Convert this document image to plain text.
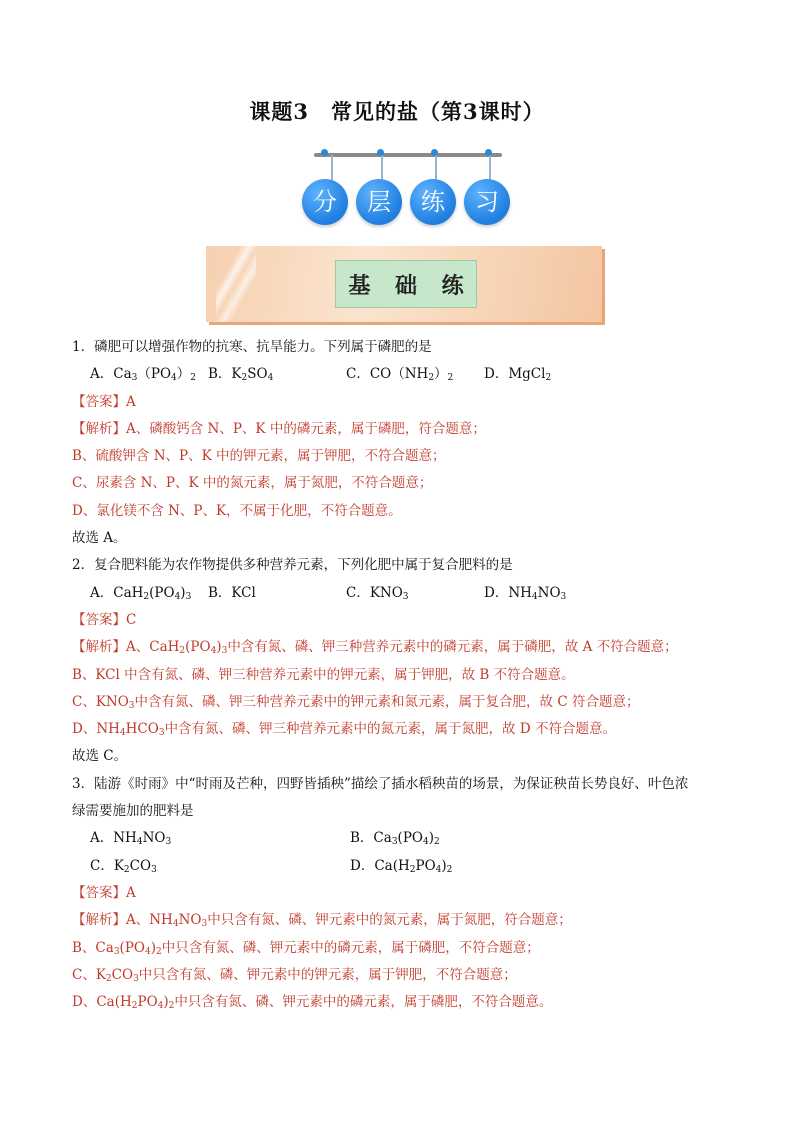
课题3　常见的盐（第3课时）
分	层	练	习
基 础 练
1．磷肥可以增强作物的抗寒、抗旱能力。下列属于磷肥的是
A．$Ca_3(PO_4)_2$ B．$K_2SO_4$	C．$CO(NH_2)_2$	D．MgCl$_2$
【答案】A
【解析】A、磷酸钙含 N、P、K 中的磷元素，属于磷肥，符合题意；
B、硫酸钾含 N、P、K 中的钾元素，属于钾肥，不符合题意；
C、尿素含 N、P、K 中的氮元素，属于氮肥，不符合题意；
D、氯化镁不含 N、P、K，不属于化肥，不符合题意。
故选 A。
2．复合肥料能为农作物提供多种营养元素，下列化肥中属于复合肥料的是
A．$CaH_2(PO_4)_3$	B．KCl	C．$KNO_3$	D．$NH_4NO_3$
【答案】C
【解析】A、$CaH_2(PO_4)_3$中含有氮、磷、钾三种营养元素中的磷元素，属于磷肥，故 A 不符合题意；
B、KCl 中含有氮、磷、钾三种营养元素中的钾元素，属于钾肥，故 B 不符合题意。
C、$KNO_3$中含有氮、磷、钾三种营养元素中的钾元素和氮元素，属于复合肥，故 C 符合题意；
D、$NH_4HCO_3$中含有氮、磷、钾三种营养元素中的氮元素，属于氮肥，故 D 不符合题意。
故选 C。
3．陆游《时雨》中“时雨及芒种，四野皆插秧”描绘了插水稻秧苗的场景，为保证秧苗长势良好、叶色浓
绿需要施加的肥料是
A．$NH_4NO_3$	B．$Ca_3(PO_4)_2$
C．$K_2CO_3$	D．$Ca(H_2PO_4)_2$
【答案】A
【解析】A、$NH_4NO_3$中只含有氮、磷、钾元素中的氮元素，属于氮肥，符合题意；
B、$Ca_3(PO_4)_2$中只含有氮、磷、钾元素中的磷元素，属于磷肥，不符合题意；
C、$K_2CO_3$中只含有氮、磷、钾元素中的钾元素，属于钾肥，不符合题意；
D、$Ca(H_2PO_4)_2$中只含有氮、磷、钾元素中的磷元素，属于磷肥，不符合题意。
